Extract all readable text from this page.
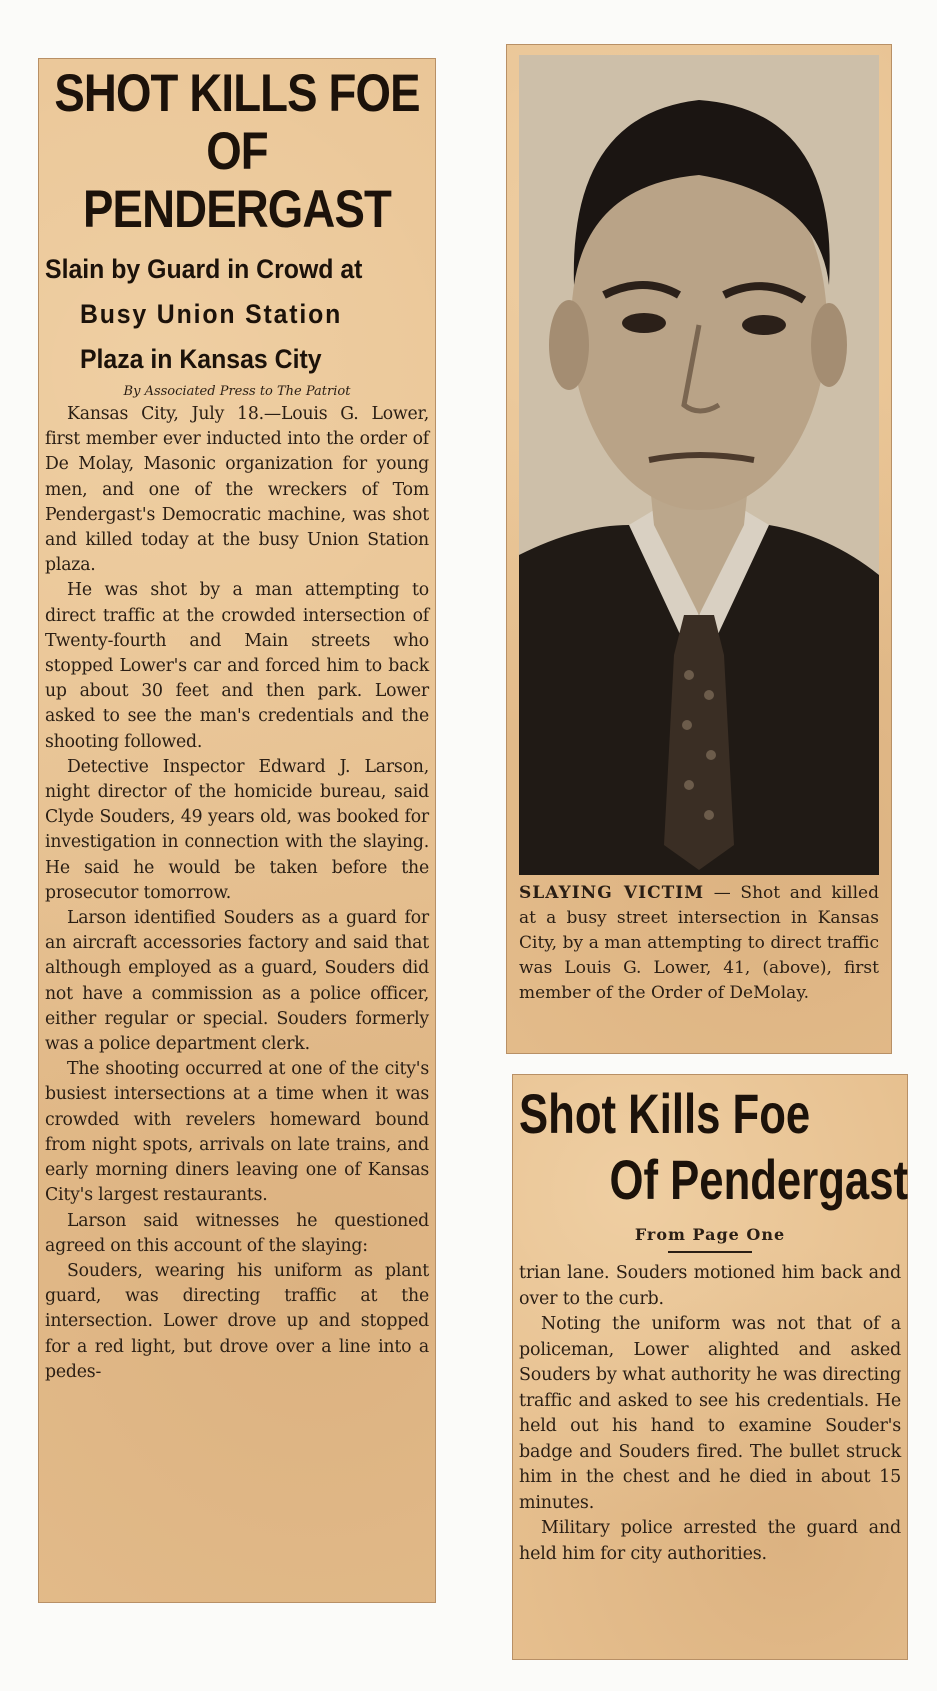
SHOT KILLS FOE
OF PENDERGAST
Slain by Guard in Crowd at
Busy Union Station
Plaza in Kansas City
By Associated Press to The Patriot

Kansas City, July 18.—Louis G. Lower, first member ever inducted into the order of De Molay, Masonic organization for young men, and one of the wreckers of Tom Pendergast's Democratic machine, was shot and killed today at the busy Union Station plaza.

He was shot by a man attempting to direct traffic at the crowded intersection of Twenty-fourth and Main streets who stopped Lower's car and forced him to back up about 30 feet and then park. Lower asked to see the man's credentials and the shooting followed.

Detective Inspector Edward J. Larson, night director of the homicide bureau, said Clyde Souders, 49 years old, was booked for investigation in connection with the slaying. He said he would be taken before the prosecutor tomorrow.

Larson identified Souders as a guard for an aircraft accessories factory and said that although employed as a guard, Souders did not have a commission as a police officer, either regular or special. Souders formerly was a police department clerk.

The shooting occurred at one of the city's busiest intersections at a time when it was crowded with revelers homeward bound from night spots, arrivals on late trains, and early morning diners leaving one of Kansas City's largest restaurants.

Larson said witnesses he questioned agreed on this account of the slaying:

Souders, wearing his uniform as plant guard, was directing traffic at the intersection. Lower drove up and stopped for a red light, but drove over a line into a pedes-

SLAYING VICTIM — Shot and killed at a busy street intersection in Kansas City, by a man attempting to direct traffic was Louis G. Lower, 41, (above), first member of the Order of DeMolay.
Shot Kills Foe
Of Pendergast
From Page One

trian lane. Souders motioned him back and over to the curb.

Noting the uniform was not that of a policeman, Lower alighted and asked Souders by what authority he was directing traffic and asked to see his credentials. He held out his hand to examine Souder's badge and Souders fired. The bullet struck him in the chest and he died in about 15 minutes.

Military police arrested the guard and held him for city authorities.
